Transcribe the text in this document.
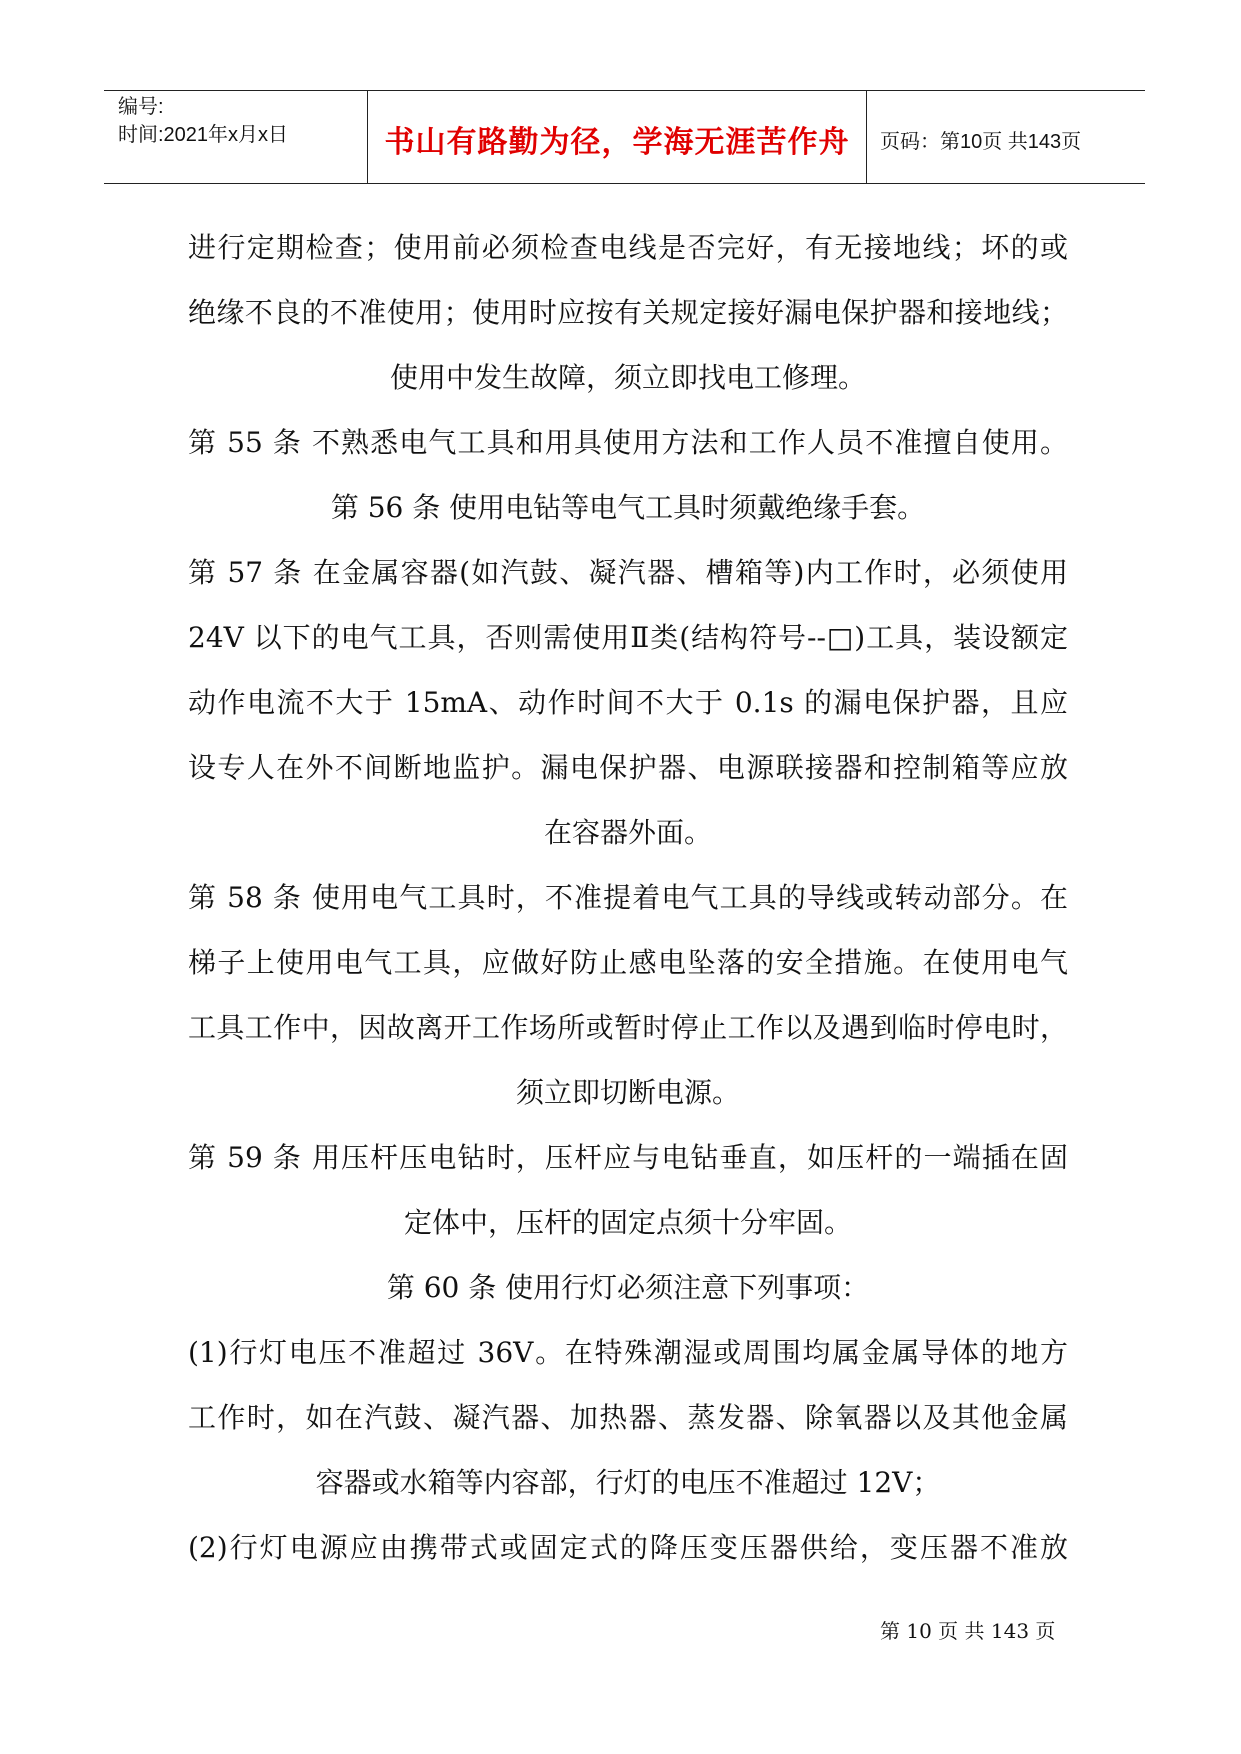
编号:
时间:2021年x月x日	书山有路勤为径，学海无涯苦作舟	页码：第10页 共143页
进行定期检查；使用前必须检查电线是否完好，有无接地线；坏的或
绝缘不良的不准使用；使用时应按有关规定接好漏电保护器和接地线；
使用中发生故障，须立即找电工修理。
第 55 条 不熟悉电气工具和用具使用方法和工作人员不准擅自使用。
第 56 条 使用电钻等电气工具时须戴绝缘手套。
第 57 条 在金属容器(如汽鼓、凝汽器、槽箱等)内工作时，必须使用
24V 以下的电气工具，否则需使用Ⅱ类(结构符号--□)工具，装设额定
动作电流不大于 15mA、动作时间不大于 0.1s 的漏电保护器，且应
设专人在外不间断地监护。漏电保护器、电源联接器和控制箱等应放
在容器外面。
第 58 条 使用电气工具时，不准提着电气工具的导线或转动部分。在
梯子上使用电气工具，应做好防止感电坠落的安全措施。在使用电气
工具工作中，因故离开工作场所或暂时停止工作以及遇到临时停电时，
须立即切断电源。
第 59 条 用压杆压电钻时，压杆应与电钻垂直，如压杆的一端插在固
定体中，压杆的固定点须十分牢固。
第 60 条 使用行灯必须注意下列事项：
(1)行灯电压不准超过 36V。在特殊潮湿或周围均属金属导体的地方
工作时，如在汽鼓、凝汽器、加热器、蒸发器、除氧器以及其他金属
容器或水箱等内容部，行灯的电压不准超过 12V；
(2)行灯电源应由携带式或固定式的降压变压器供给，变压器不准放
第 10 页 共 143 页
